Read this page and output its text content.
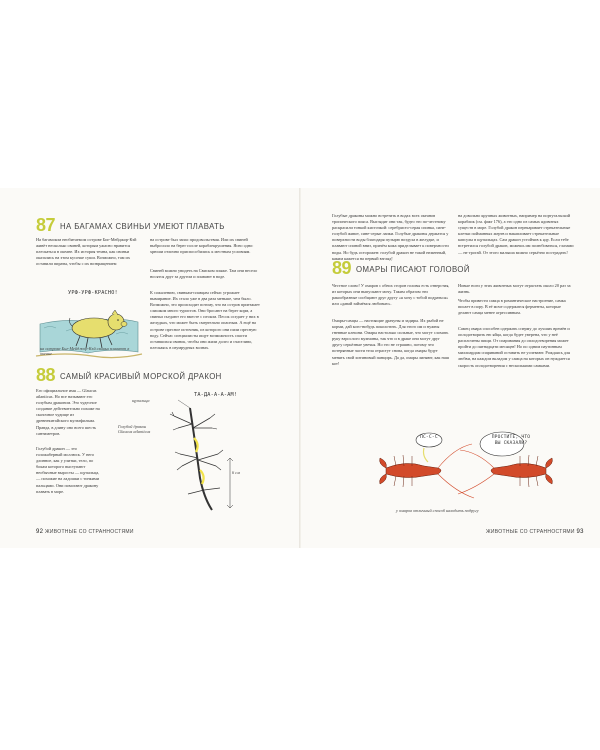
87 НА БАГАМАХ СВИНЬИ УМЕЮТ ПЛАВАТЬ
На багамском необитаемом острове Биг-Мейджор-Кэй живёт несколько свиней, которым ужасно нравится плескаться в океане. Их история темна, как свиньи оказались на этом кусочке суши. Возможно, там их оставили пираты, чтобы с их возвращением
на острове был запас продовольствия. Или их свиней выбросило на берег после кораблекрушения. Ясно одно: хрюши отлично приспособились к местным условиям.
Свиней можно увидеть на Свиском пляже. Там они весело носятся друг за другом и плавают в воде.
К сожалению, свинкам-плавцам сейчас угрожает вымирание. Их стало уже в два раза меньше, чем было. Возможно, это происходит потому, что на остров приезжает слишком много туристов. Они бросают на берег корм, а свиньи съедают его вместе с песком. Песок оседает у них в желудках, что может быть смертельно опасным. А ещё на острове пресное источник, из которого они пили пресную воду. Сейчас специалисты ищут возможность спасти оставшихся свинок, чтобы они жили долго и счастливо, плескаясь в изумрудных волнах.
УРФ-УРФ-КРАСНО!
на острове Биг-Мейджор-Кэй свиньи плавают в океане
88 САМЫЙ КРАСИВЫЙ МОРСКОЙ ДРАКОН
Его официальное имя — Glaucus atlanticus. Но все называют его голубым драконом. Это чудесное создание действительно похоже на сказочное чудище из древнекитайского мультфильма. Правда, в длину оно всего шесть сантиметров.
Голубой дракон — это голожаберный моллюск. У него длинное, как у улитки, тело, по бокам которого выступают необычные выросты — щупальца, — похожие на ладошки с тонкими пальцами. Они помогают дракону плавать в море.
ТА-ДА-А-А-АМ!
щупальца
Голубой дракон Glaucus atlanticus
6 см
92 ЖИВОТНЫЕ СО СТРАННОСТЯМИ
Голубые драконы можно встретить в водах всех океанов тропического пояса. Выглядят они так, будто это по-честному раскрасили тонкой кисточкой: серебристо-серая спинка, сине-голубой живот, сине-серые лапки. Голубые драконы держатся у поверхности воды благодаря пузырю воздуха в желудке, и плавают спиной вниз, причём кожа приделывает к поверхности воды. Но будь осторожен: голубой дракон не такой неженный, каким кажется на первый взгляд!
на довольно крупных животных, например на португальский кораблик (см. факт 176), а это одно из самых ядовитых существ в море. Голубой дракон перекаривает стрекательные клетки пойманных жертв и накапливает стрекательные капсулы в щупальцах. Сам дракон устойчив к яду. Если тебе встретился голубой дракон, можешь им полюбоваться, глазами — не трогай. От этого малыша можно серьёзно пострадать!
89 ОМАРЫ ПИСАЮТ ГОЛОВОЙ
Честное слово! У омаров с обеих сторон головы есть отверстия, из которых они выпускают мочу. Таким образом эти ракообразные сообщают друг другу «я хочу с тобой подраться» или «давай займёмся любовью».
Омары-самцы — настоящие драчуны и задиры. Их рыбой не корми, дай кого-нибудь поколотить. Для этого им и нужны гневные клешни. Омары настолько сильные, что могут сломать руку взрослого мужчины, так что и в драке они могут друг другу серьёзные увечья. Но это не страшно, потому что потерянные части тела отрастут снова, когда омары будут менять свой хитиновый панцирь. Да да, омары линяют, как наш кот!
Новые ноги у этих животных могут отрастать около 20 раз за жизнь.
Чтобы привести самца в романтическое настроение, самка писает в пору. В её моче содержатся ферменты, которые делают самца менее агрессивным.
Самец омара способен одержать сперму до лучших времён и оплодотворить ею яйца, когда будет уверена, что у неё расплочены пищи. От спаривания до оплодотворения может пройти до пятнадцати месяцев! Но по одним паутинным миллиардам спариваний оставить не успевают. Рождаясь для любви, на каждом вкладом у самца на которых он нуждается скорость оплодотворения с несколькими самками.
ПС-С-С	ПРОСТИТЕ, ЧТО ВЫ СКАЗАЛИ?
у омаров отличный способ находить подругу
ЖИВОТНЫЕ СО СТРАННОСТЯМИ 93
